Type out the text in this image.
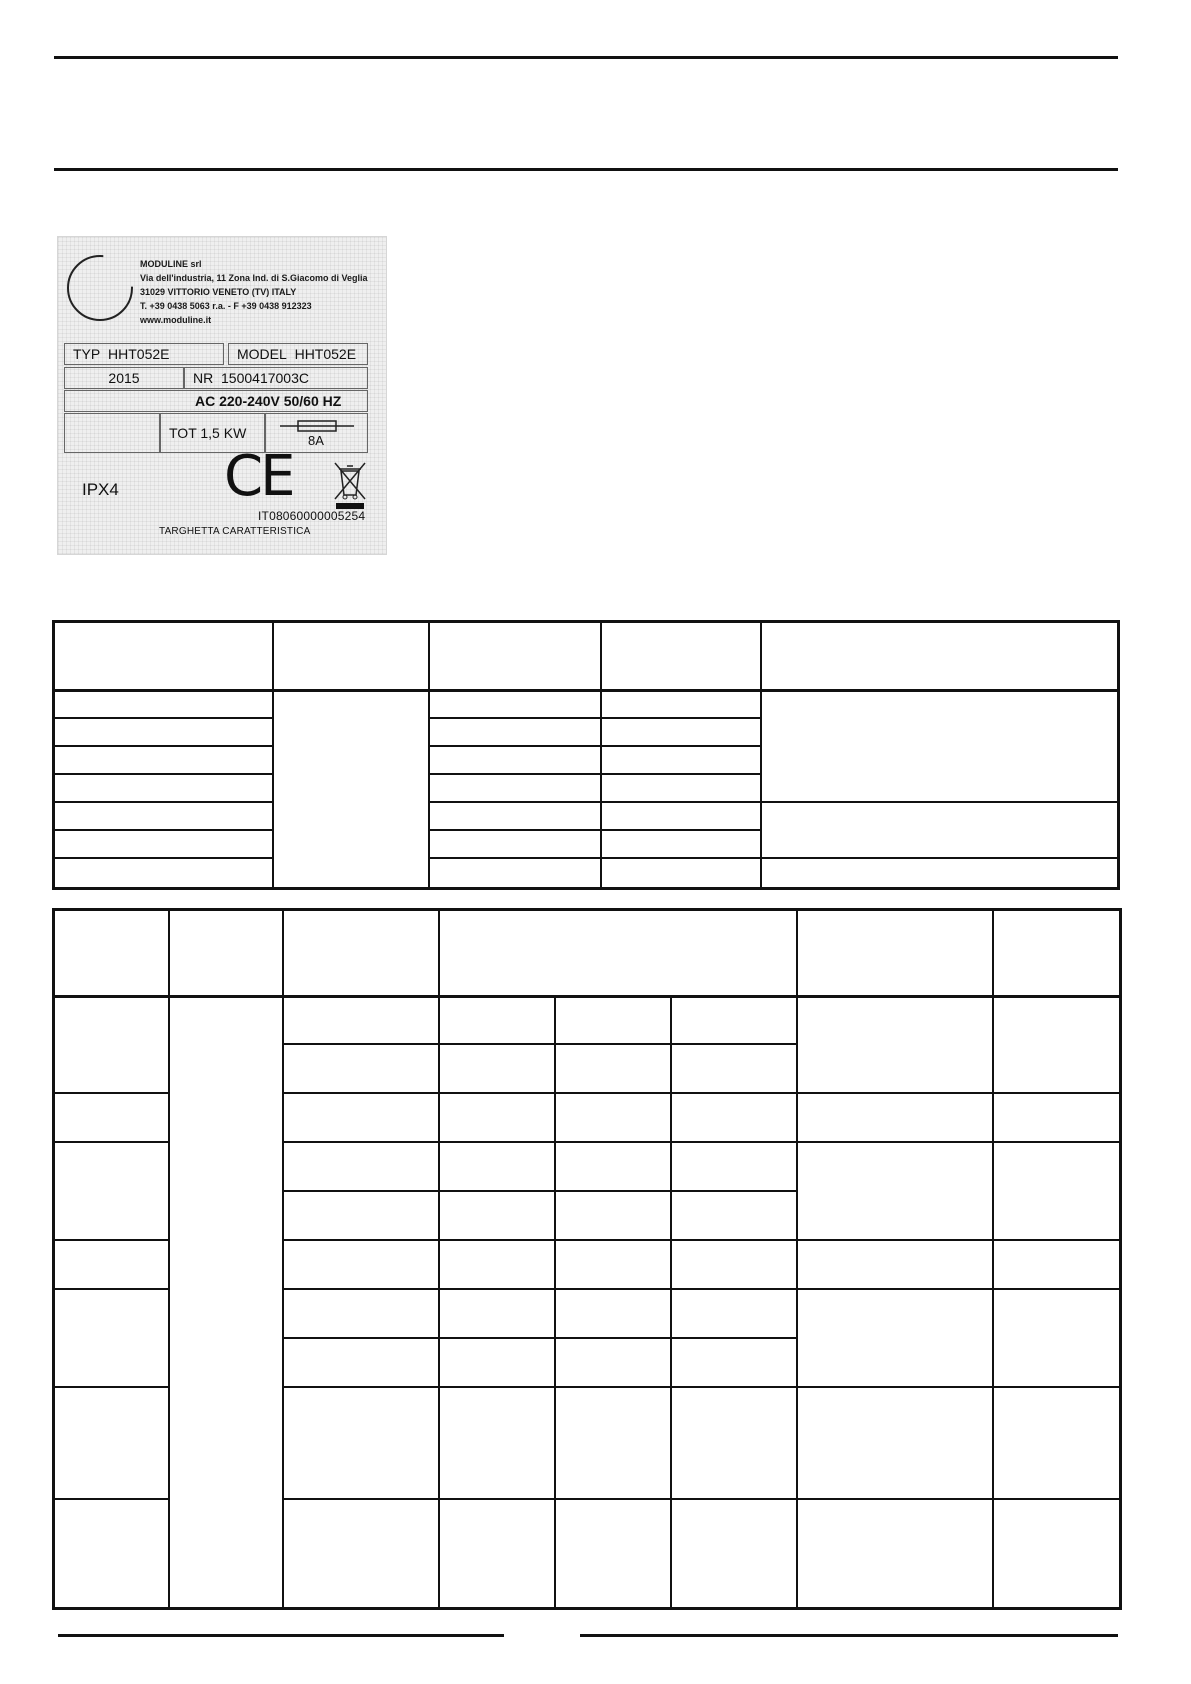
MODULINE srl
Via dell'industria, 11 Zona Ind. di S.Giacomo di Veglia
31029 VITTORIO VENETO (TV) ITALY
T. +39 0438 5063 r.a. - F +39 0438 912323
www.moduline.it
TYP HHT052E	MODEL HHT052E
2015	NR 1500417003C
AC 220-240V 50/60 HZ
TOT 1,5 KW	8A
IPX4 CE
IT08060000005254
TARGHETTA CARATTERISTICA
